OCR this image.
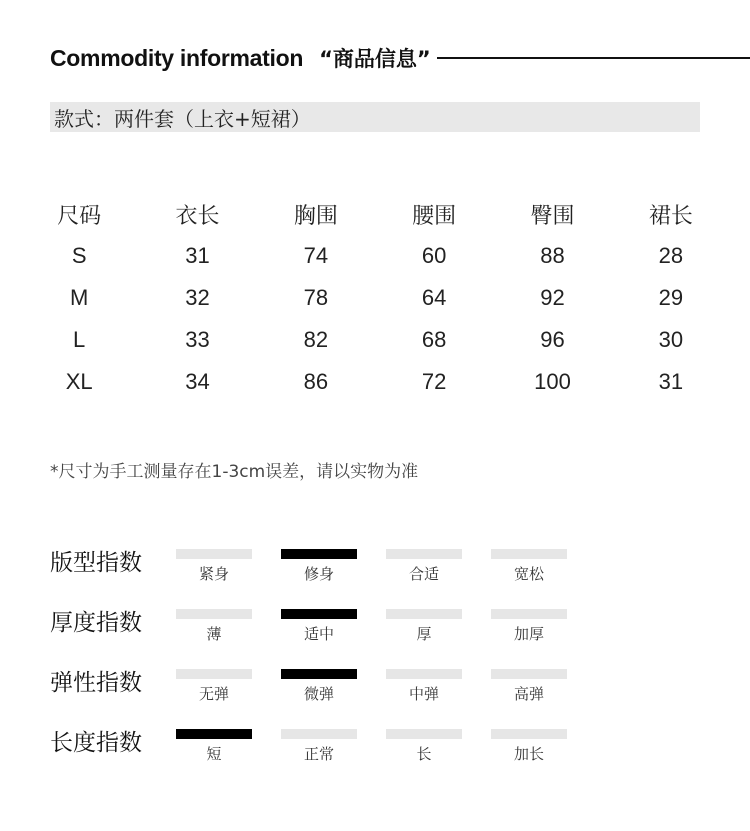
Commodity information “商品信息”
款式：两件套（上衣+短裙）
尺码	衣长	胸围	腰围	臀围	裙长
S	31	74	60	88	28
M	32	78	64	92	29
L	33	82	68	96	30
XL	34	86	72	100	31
*尺寸为手工测量存在1-3cm误差，请以实物为准
版型指数	紧身	修身	合适	宽松
厚度指数	薄	适中	厚	加厚
弹性指数	无弹	微弹	中弹	高弹
长度指数	短	正常	长	加长
